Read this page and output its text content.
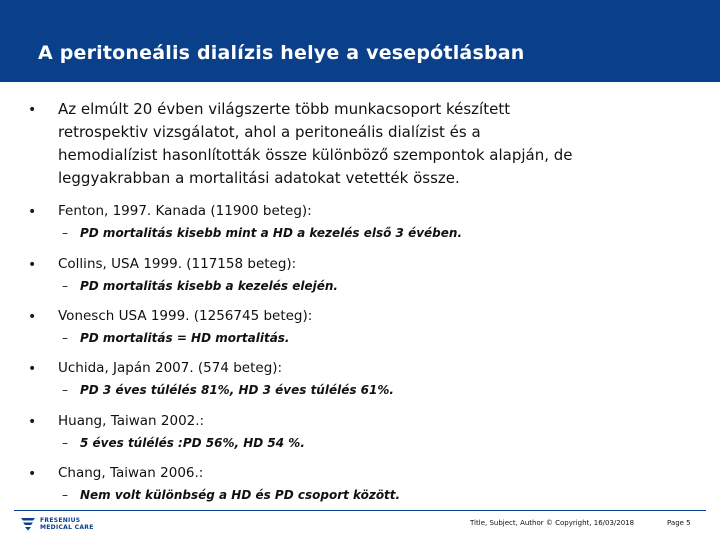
A peritoneális dialízis helye a vesepótlásban
• Az elmúlt 20 évben világszerte több munkacsoport készített
retrospektiv vizsgálatot, ahol a peritoneális dialízist és a
hemodialízist hasonlították össze különböző szempontok alapján, de
leggyakrabban a mortalitási adatokat vetették össze.
• Fenton, 1997. Kanada (11900 beteg):
– PD mortalitás kisebb mint a HD a kezelés első 3 évében.
• Collins, USA 1999. (117158 beteg):
– PD mortalitás kisebb a kezelés elején.
• Vonesch USA 1999. (1256745 beteg):
– PD mortalitás = HD mortalitás.
• Uchida, Japán 2007. (574 beteg):
– PD 3 éves túlélés 81%, HD 3 éves túlélés 61%.
• Huang, Taiwan 2002.:
– 5 éves túlélés :PD 56%, HD 54 %.
• Chang, Taiwan 2006.:
– Nem volt különbség a HD és PD csoport között.
FRESENIUS
MEDICAL CARE
Title, Subject, Author © Copyright, 16/03/2018	Page 5
